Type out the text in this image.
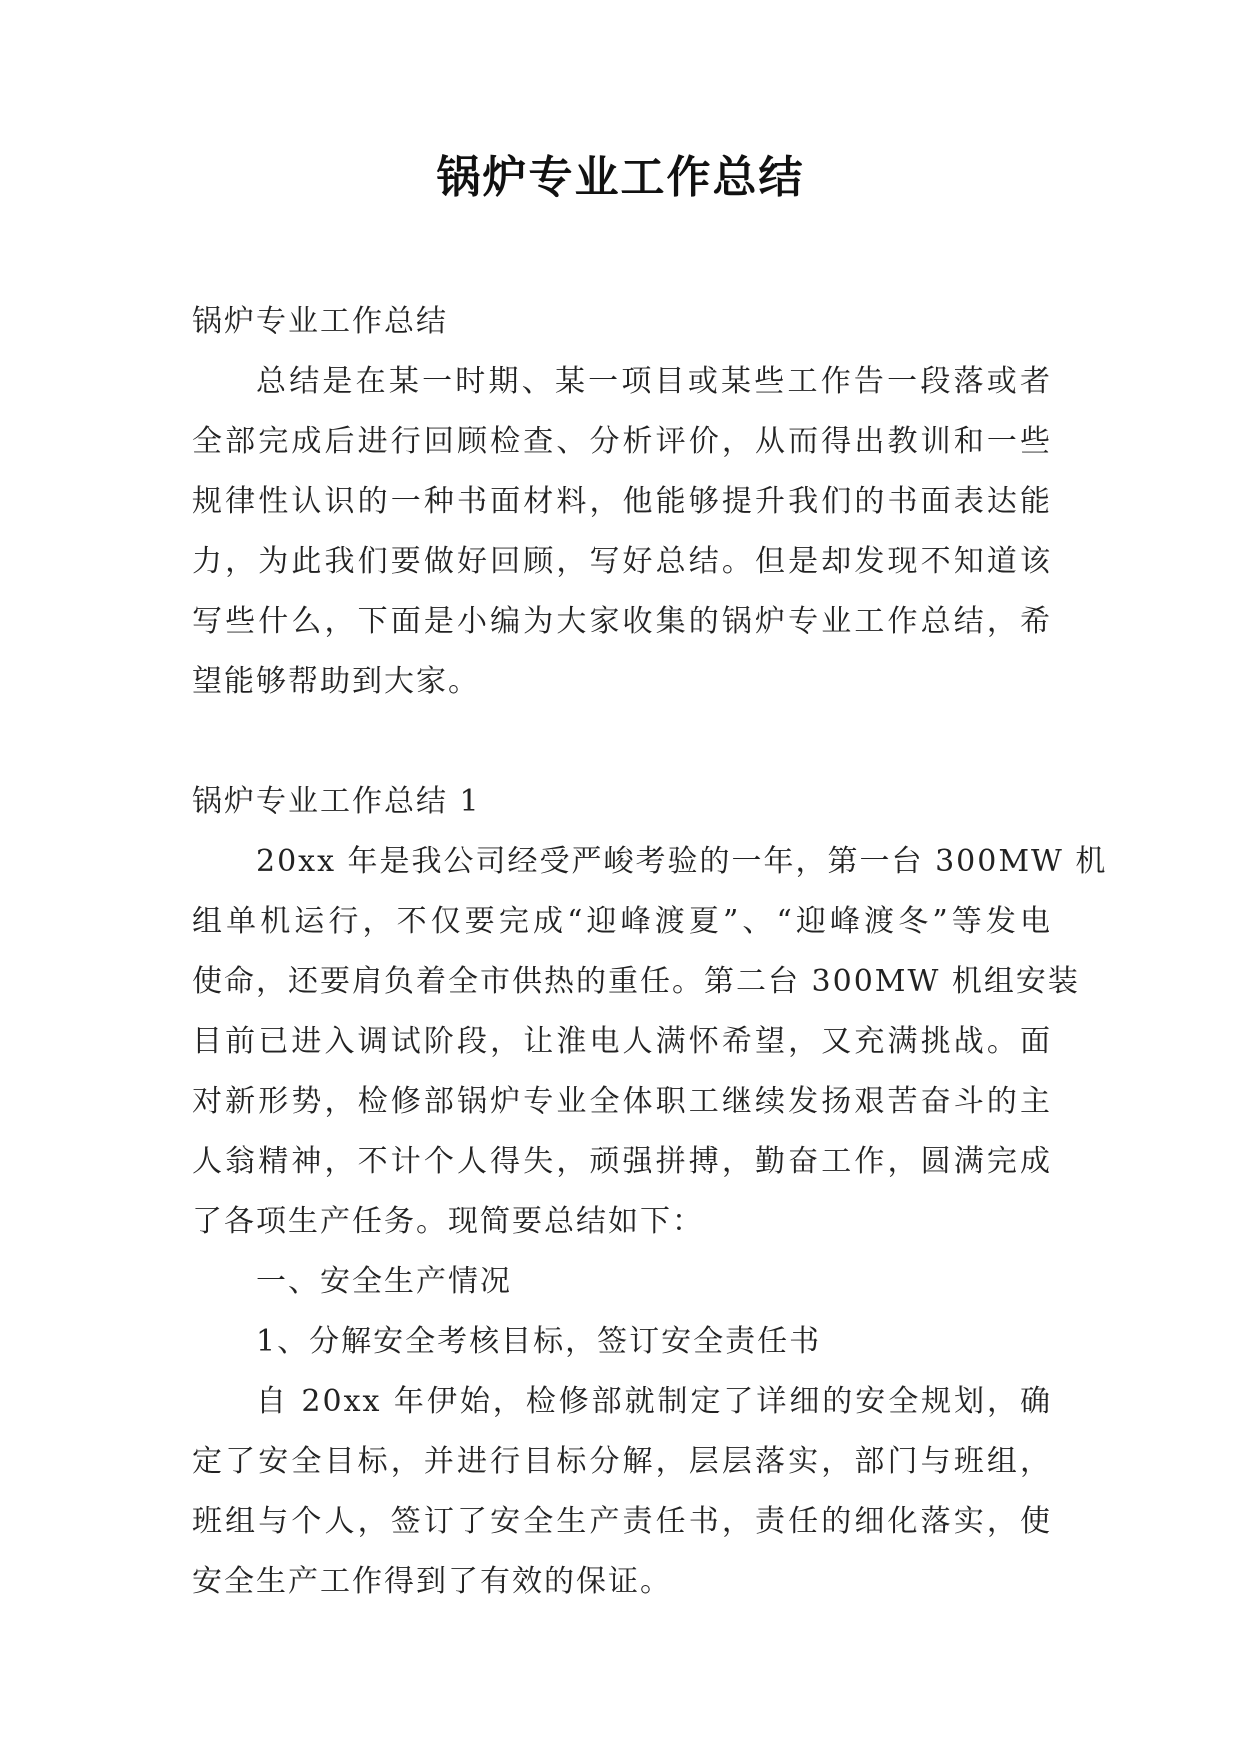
锅炉专业工作总结
锅炉专业工作总结
总结是在某一时期、某一项目或某些工作告一段落或者
全部完成后进行回顾检查、分析评价，从而得出教训和一些
规律性认识的一种书面材料，他能够提升我们的书面表达能
力，为此我们要做好回顾，写好总结。但是却发现不知道该
写些什么，下面是小编为大家收集的锅炉专业工作总结，希
望能够帮助到大家。
锅炉专业工作总结 1
20xx 年是我公司经受严峻考验的一年，第一台 300MW 机
组单机运行，不仅要完成“迎峰渡夏”、“迎峰渡冬”等发电
使命，还要肩负着全市供热的重任。第二台 300MW 机组安装
目前已进入调试阶段，让淮电人满怀希望，又充满挑战。面
对新形势，检修部锅炉专业全体职工继续发扬艰苦奋斗的主
人翁精神，不计个人得失，顽强拼搏，勤奋工作，圆满完成
了各项生产任务。现简要总结如下：
一、安全生产情况
1、分解安全考核目标，签订安全责任书
自 20xx 年伊始，检修部就制定了详细的安全规划，确
定了安全目标，并进行目标分解，层层落实，部门与班组，
班组与个人，签订了安全生产责任书，责任的细化落实，使
安全生产工作得到了有效的保证。
